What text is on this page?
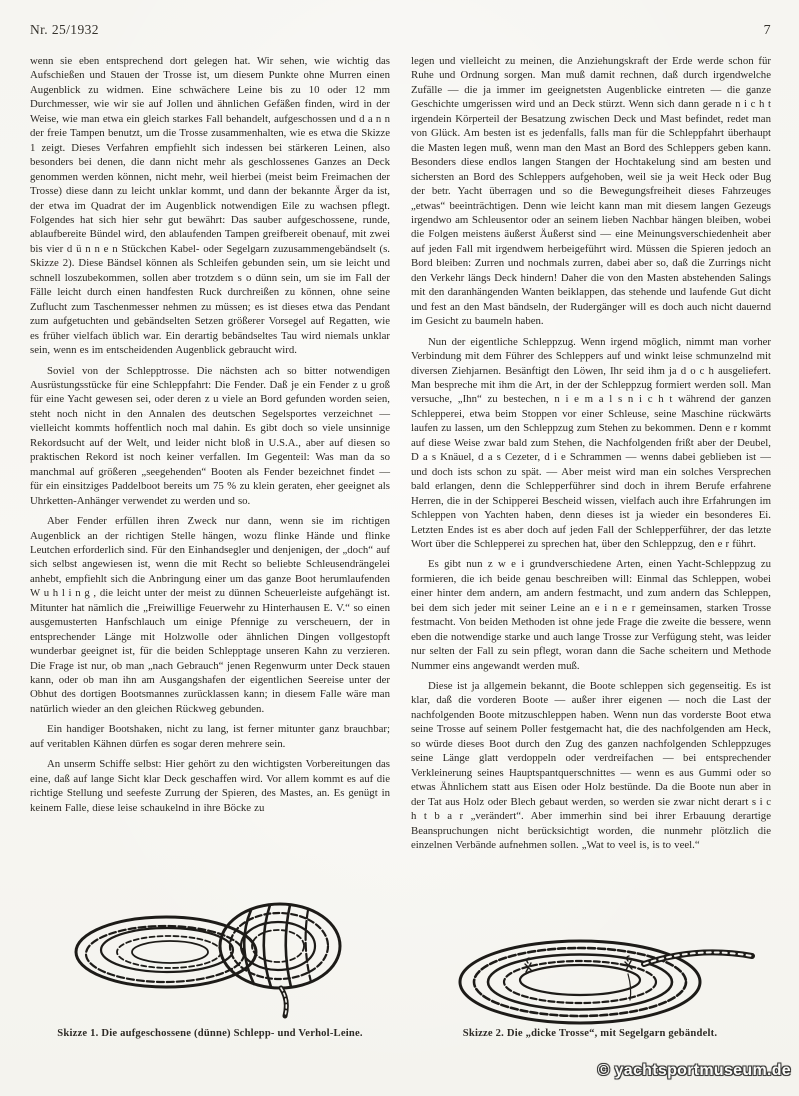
Nr. 25/1932	7

wenn sie eben entsprechend dort gelegen hat. Wir sehen, wie wichtig das Aufschießen und Stauen der Trosse ist, um diesem Punkte ohne Murren einen Augenblick zu widmen. Eine schwächere Leine bis zu 10 oder 12 mm Durchmesser, wie wir sie auf Jollen und ähnlichen Gefäßen finden, wird in der Weise, wie man etwa ein gleich starkes Fall behandelt, aufgeschossen und d a n n der freie Tampen benutzt, um die Trosse zusammenhalten, wie es etwa die Skizze 1 zeigt. Dieses Verfahren empfiehlt sich indessen bei stärkeren Leinen, also besonders bei denen, die dann nicht mehr als geschlossenes Ganzes an Deck genommen werden können, nicht mehr, weil hierbei (meist beim Freimachen der Trosse) diese dann zu leicht unklar kommt, und dann der bekannte Ärger da ist, der etwa im Quadrat der im Augenblick notwendigen Eile zu wachsen pflegt. Folgendes hat sich hier sehr gut bewährt: Das sauber aufgeschossene, runde, ablaufbereite Bündel wird, den ablaufenden Tampen greifbereit obenauf, mit zwei bis vier d ü n n e n Stückchen Kabel- oder Segelgarn zuzusammengebändselt (s. Skizze 2). Diese Bändsel können als Schleifen gebunden sein, um sie leicht und schnell loszubekommen, sollen aber trotzdem s o dünn sein, um sie im Fall der Fälle leicht durch einen handfesten Ruck durchreißen zu können, ohne seine Zuflucht zum Taschenmesser nehmen zu müssen; es ist dieses etwa das Pendant zum aufgetuchten und gebändselten Setzen größerer Vorsegel auf Regatten, wie es früher vielfach üblich war. Ein derartig bebändseltes Tau wird niemals unklar sein, wenn es im entscheidenden Augenblick gebraucht wird.

Soviel von der Schlepptrosse. Die nächsten ach so bitter notwendigen Ausrüstungsstücke für eine Schleppfahrt: Die Fender. Daß je ein Fender z u groß für eine Yacht gewesen sei, oder deren z u viele an Bord gefunden worden seien, steht noch nicht in den Annalen des deutschen Segelsportes verzeichnet — vielleicht kommts hoffentlich noch mal dahin. Es gibt doch so viele unsinnige Rekordsucht auf der Welt, und leider nicht bloß in U.S.A., aber auf diesen so praktischen Rekord ist noch keiner verfallen. Im Gegenteil: Was man da so manchmal auf größeren „seegehenden“ Booten als Fender bezeichnet findet — für ein einsitziges Paddelboot bereits um 75 % zu klein geraten, eher geeignet als Uhrketten-Anhänger verwendet zu werden und so.

Aber Fender erfüllen ihren Zweck nur dann, wenn sie im richtigen Augenblick an der richtigen Stelle hängen, wozu flinke Hände und flinke Leutchen erforderlich sind. Für den Einhandsegler und denjenigen, der „doch“ auf sich selbst angewiesen ist, wenn die mit Recht so beliebte Schleusendrängelei anhebt, empfiehlt sich die Anbringung einer um das ganze Boot herumlaufenden W u h l i n g , die leicht unter der meist zu dünnen Scheuerleiste aufgehängt ist. Mitunter hat nämlich die „Freiwillige Feuerwehr zu Hinterhausen E. V.“ so einen ausgemusterten Hanfschlauch um einige Pfennige zu verscheuern, der in entsprechender Länge mit Holzwolle oder ähnlichen Dingen vollgestopft wunderbar geeignet ist, für die beiden Schlepptage unseren Kahn zu verzieren. Die Frage ist nur, ob man „nach Gebrauch“ jenen Regenwurm unter Deck stauen kann, oder ob man ihn am Ausgangshafen der eigentlichen Seereise unter der Obhut des dortigen Bootsmannes zurücklassen kann; in diesem Falle wäre man natürlich wieder an den gleichen Rückweg gebunden.

Ein handiger Bootshaken, nicht zu lang, ist ferner mitunter ganz brauchbar; auf veritablen Kähnen dürfen es sogar deren mehrere sein.

An unserm Schiffe selbst: Hier gehört zu den wichtigsten Vorbereitungen das eine, daß auf lange Sicht klar Deck geschaffen wird. Vor allem kommt es auf die richtige Stellung und seefeste Zurrung der Spieren, des Mastes, an. Es genügt in keinem Falle, diese leise schaukelnd in ihre Böcke zu

legen und vielleicht zu meinen, die Anziehungskraft der Erde werde schon für Ruhe und Ordnung sorgen. Man muß damit rechnen, daß durch irgendwelche Zufälle — die ja immer im geeignetsten Augenblicke eintreten — die ganze Geschichte umgerissen wird und an Deck stürzt. Wenn sich dann gerade n i c h t irgendein Körperteil der Besatzung zwischen Deck und Mast befindet, redet man von Glück. Am besten ist es jedenfalls, falls man für die Schleppfahrt überhaupt die Masten legen muß, wenn man den Mast an Bord des Schleppers geben kann. Besonders diese endlos langen Stangen der Hochtakelung sind am besten und sichersten an Bord des Schleppers aufgehoben, weil sie ja weit Heck oder Bug der betr. Yacht überragen und so die Bewegungsfreiheit dieses Fahrzeuges „etwas“ beeinträchtigen. Denn wie leicht kann man mit diesem langen Gezeugs irgendwo am Schleusentor oder an seinem lieben Nachbar hängen bleiben, wobei die Folgen meistens äußerst Äußerst sind — eine Meinungsverschiedenheit aber auf jeden Fall mit irgendwem herbeigeführt wird. Müssen die Spieren jedoch an Bord bleiben: Zurren und nochmals zurren, dabei aber so, daß die Zurrings nicht den Verkehr längs Deck hindern! Daher die von den Masten abstehenden Salings mit den daranhängenden Wanten beiklappen, das stehende und laufende Gut dicht und fest an den Mast bändseln, der Rudergänger will es doch auch nicht dauernd im Gesicht zu baumeln haben.

Nun der eigentliche Schleppzug. Wenn irgend möglich, nimmt man vorher Verbindung mit dem Führer des Schleppers auf und winkt leise schmunzelnd mit diversen Ziehjarnen. Besänftigt den Löwen, Ihr seid ihm ja d o c h ausgeliefert. Man bespreche mit ihm die Art, in der der Schleppzug formiert werden soll. Man versuche, „Ihn“ zu bestechen, n i e m a l s n i c h t während der ganzen Schlepperei, etwa beim Stoppen vor einer Schleuse, seine Maschine rückwärts laufen zu lassen, um den Schleppzug zum Stehen zu bekommen. Denn e r kommt auf diese Weise zwar bald zum Stehen, die Nachfolgenden frißt aber der Deubel, D a s Knäuel, d a s Cezeter, d i e Schrammen — wenns dabei geblieben ist — und doch ists schon zu spät. — Aber meist wird man ein solches Versprechen bald erlangen, denn die Schlepperführer sind doch in ihrem Berufe erfahrene Herren, die in der Schipperei Bescheid wissen, vielfach auch ihre Erfahrungen im Schleppen von Yachten haben, denn dieses ist ja wieder ein besonderes Ei. Letzten Endes ist es aber doch auf jeden Fall der Schlepperführer, der das letzte Wort über die Schlepperei zu sprechen hat, über den Schleppzug, den e r führt.

Es gibt nun z w e i grundverschiedene Arten, einen Yacht-Schleppzug zu formieren, die ich beide genau beschreiben will: Einmal das Schleppen, wobei einer hinter dem andern, am andern festmacht, und zum andern das Schleppen, bei dem sich jeder mit seiner Leine an e i n e r gemeinsamen, starken Trosse festmacht. Von beiden Methoden ist ohne jede Frage die zweite die bessere, wenn eben die notwendige starke und auch lange Trosse zur Verfügung steht, was leider nur selten der Fall zu sein pflegt, woran dann die Sache scheitern und Methode Nummer eins angewandt werden muß.

Diese ist ja allgemein bekannt, die Boote schleppen sich gegenseitig. Es ist klar, daß die vorderen Boote — außer ihrer eigenen — noch die Last der nachfolgenden Boote mitzuschleppen haben. Wenn nun das vorderste Boot etwa seine Trosse auf seinem Poller festgemacht hat, die des nachfolgenden am Heck, so würde dieses Boot durch den Zug des ganzen nachfolgenden Schleppzuges seine Länge glatt verdoppeln oder verdreifachen — bei entsprechender Verkleinerung seines Hauptspantquerschnittes — wenn es aus Gummi oder so etwas Ähnlichem statt aus Eisen oder Holz bestünde. Da die Boote nun aber in der Tat aus Holz oder Blech gebaut werden, so werden sie zwar nicht derart s i c h t b a r „verändert“. Aber immerhin sind bei ihrer Erbauung derartige Beanspruchungen nicht berücksichtigt worden, die nunmehr plötzlich die einzelnen Verbände aufnehmen sollen. „Wat to veel is, is to veel.“

Skizze 1. Die aufgeschossene (dünne) Schlepp- und Verhol-Leine.	Skizze 2. Die „dicke Trosse“, mit Segelgarn gebändelt.
© yachtsportmuseum.de
